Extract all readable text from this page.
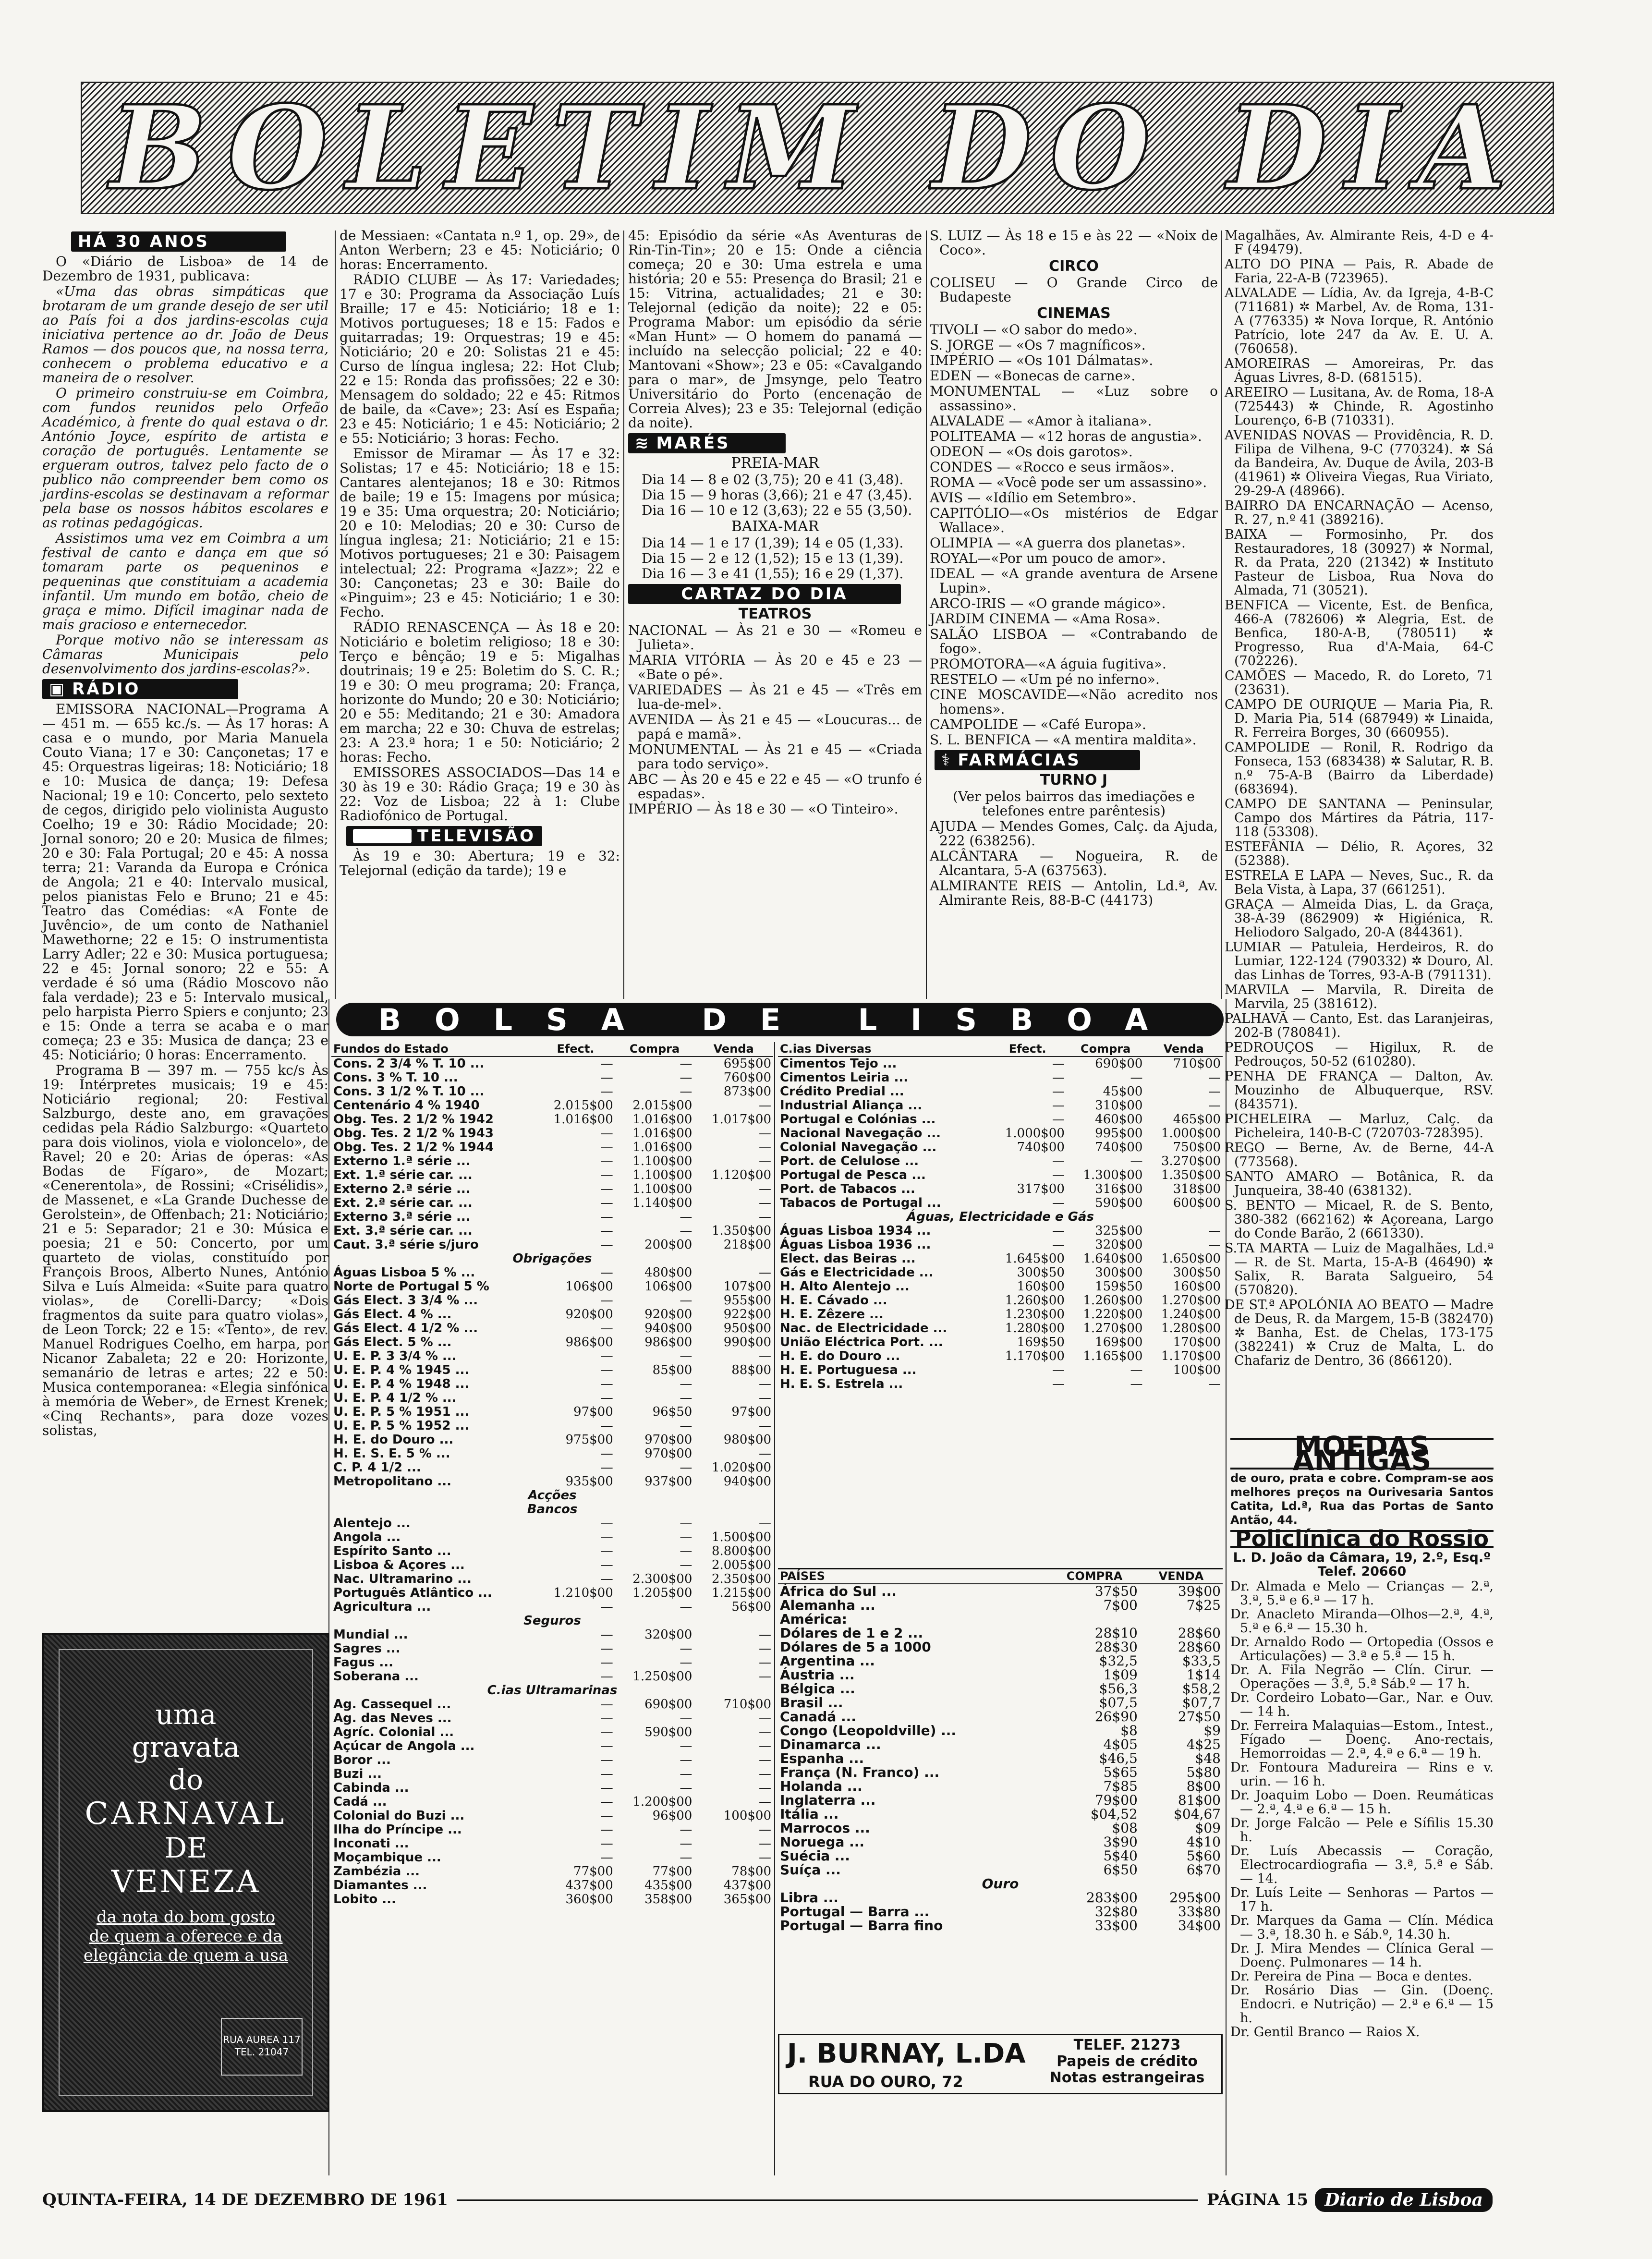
BOLETIM DO DIA
HÁ 30 ANOS

O «Diário de Lisboa» de 14 de Dezembro de 1931, publicava:

«Uma das obras simpáticas que brotaram de um grande desejo de ser util ao País foi a dos jardins-escolas cuja iniciativa pertence ao dr. João de Deus Ramos — dos poucos que, na nossa terra, conhecem o problema educativo e a maneira de o resolver.

O primeiro construiu-se em Coimbra, com fundos reunidos pelo Orfeão Académico, à frente do qual estava o dr. António Joyce, espírito de artista e coração de português. Lentamente se ergueram outros, talvez pelo facto de o publico não compreender bem como os jardins-escolas se destinavam a reformar pela base os nossos hábitos escolares e as rotinas pedagógicas.

Assistimos uma vez em Coimbra a um festival de canto e dança em que só tomaram parte os pequeninos e pequeninas que constituiam a academia infantil. Um mundo em botão, cheio de graça e mimo. Difícil imaginar nada de mais gracioso e enternecedor.

Porque motivo não se interessam as Câmaras Municipais pelo desenvolvimento dos jardins-escolas?».

▣ RÁDIO

EMISSORA NACIONAL—Programa A — 451 m. — 655 kc./s. — Às 17 horas: A casa e o mundo, por Maria Manuela Couto Viana; 17 e 30: Cançonetas; 17 e 45: Orquestras ligeiras; 18: Noticiário; 18 e 10: Musica de dança; 19: Defesa Nacional; 19 e 10: Concerto, pelo sexteto de cegos, dirigido pelo violinista Augusto Coelho; 19 e 30: Rádio Mocidade; 20: Jornal sonoro; 20 e 20: Musica de filmes; 20 e 30: Fala Portugal; 20 e 45: A nossa terra; 21: Varanda da Europa e Crónica de Angola; 21 e 40: Intervalo musical, pelos pianistas Felo e Bruno; 21 e 45: Teatro das Comédias: «A Fonte de Juvêncio», de um conto de Nathaniel Mawethorne; 22 e 15: O instrumentista Larry Adler; 22 e 30: Musica portuguesa; 22 e 45: Jornal sonoro; 22 e 55: A verdade é só uma (Rádio Moscovo não fala verdade); 23 e 5: Intervalo musical, pelo harpista Pierro Spiers e conjunto; 23 e 15: Onde a terra se acaba e o mar começa; 23 e 35: Musica de dança; 23 e 45: Noticiário; 0 horas: Encerramento.

Programa B — 397 m. — 755 kc/s Às 19: Intérpretes musicais; 19 e 45: Noticiário regional; 20: Festival Salzburgo, deste ano, em gravações cedidas pela Rádio Salzburgo: «Quarteto para dois violinos, viola e violoncelo», de Ravel; 20 e 20: Árias de óperas: «As Bodas de Fígaro», de Mozart; «Cenerentola», de Rossini; «Crisélidis», de Massenet, e «La Grande Duchesse de Gerolstein», de Offenbach; 21: Noticiário; 21 e 5: Separador; 21 e 30: Música e poesia; 21 e 50: Concerto, por um quarteto de violas, constituído por François Broos, Alberto Nunes, António Silva e Luís Almeida: «Suite para quatro violas», de Corelli-Darcy; «Dois fragmentos da suite para quatro violas», de Leon Torck; 22 e 15: «Tento», de rev. Manuel Rodrigues Coelho, em harpa, por Nicanor Zabaleta; 22 e 20: Horizonte, semanário de letras e artes; 22 e 50: Musica contemporanea: «Elegia sinfónica à memória de Weber», de Ernest Krenek; «Cinq Rechants», para doze vozes solistas,

uma
gravata
do
CARNAVAL
DE
VENEZA
da nota do bom gosto
de quem a oferece e da
elegância de quem a usa
RUA AUREA 117
TEL. 21047

de Messiaen: «Cantata n.º 1, op. 29», de Anton Werbern; 23 e 45: Noticiário; 0 horas: Encerramento.

RÁDIO CLUBE — Às 17: Variedades; 17 e 30: Programa da Associação Luís Braille; 17 e 45: Noticiário; 18 e 1: Motivos portugueses; 18 e 15: Fados e guitarradas; 19: Orquestras; 19 e 45: Noticiário; 20 e 20: Solistas 21 e 45: Curso de língua inglesa; 22: Hot Club; 22 e 15: Ronda das profissões; 22 e 30: Mensagem do soldado; 22 e 45: Ritmos de baile, da «Cave»; 23: Así es España; 23 e 45: Noticiário; 1 e 45: Noticiário; 2 e 55: Noticiário; 3 horas: Fecho.

Emissor de Miramar — Às 17 e 32: Solistas; 17 e 45: Noticiário; 18 e 15: Cantares alentejanos; 18 e 30: Ritmos de baile; 19 e 15: Imagens por música; 19 e 35: Uma orquestra; 20: Noticiário; 20 e 10: Melodias; 20 e 30: Curso de língua inglesa; 21: Noticiário; 21 e 15: Motivos portugueses; 21 e 30: Paisagem intelectual; 22: Programa «Jazz»; 22 e 30: Cançonetas; 23 e 30: Baile do «Pinguim»; 23 e 45: Noticiário; 1 e 30: Fecho.

RÁDIO RENASCENÇA — Às 18 e 20: Noticiário e boletim religioso; 18 e 30: Terço e bênção; 19 e 5: Migalhas doutrinais; 19 e 25: Boletim do S. C. R.; 19 e 30: O meu programa; 20: França, horizonte do Mundo; 20 e 30: Noticiário; 20 e 55: Meditando; 21 e 30: Amadora em marcha; 22 e 30: Chuva de estrelas; 23: A 23.ª hora; 1 e 50: Noticiário; 2 horas: Fecho.

EMISSORES ASSOCIADOS—Das 14 e 30 às 19 e 30: Rádio Graça; 19 e 30 às 22: Voz de Lisboa; 22 à 1: Clube Radiofónico de Portugal.

TELEVISÃO

Às 19 e 30: Abertura; 19 e 32: Telejornal (edição da tarde); 19 e

45: Episódio da série «As Aventuras de Rin-Tin-Tin»; 20 e 15: Onde a ciência começa; 20 e 30: Uma estrela e uma história; 20 e 55: Presença do Brasil; 21 e 15: Vitrina, actualidades; 21 e 30: Telejornal (edição da noite); 22 e 05: Programa Mabor: um episódio da série «Man Hunt» — O homem do panamá — incluído na selecção policial; 22 e 40: Mantovani «Show»; 23 e 05: «Cavalgando para o mar», de Jmsynge, pelo Teatro Universitário do Porto (encenação de Correia Alves); 23 e 35: Telejornal (edição da noite).

≋ MARÉS
PREIA-MAR

Dia 14 — 8 e 02 (3,75); 20 e 41 (3,48).

Dia 15 — 9 horas (3,66); 21 e 47 (3,45).

Dia 16 — 10 e 12 (3,63); 22 e 55 (3,50).

BAIXA-MAR

Dia 14 — 1 e 17 (1,39); 14 e 05 (1,33).

Dia 15 — 2 e 12 (1,52); 15 e 13 (1,39).

Dia 16 — 3 e 41 (1,55); 16 e 29 (1,37).

CARTAZ DO DIA
TEATROS

NACIONAL — Às 21 e 30 — «Romeu e Julieta».

MARIA VITÓRIA — Às 20 e 45 e 23 — «Bate o pé».

VARIEDADES — Às 21 e 45 — «Três em lua-de-mel».

AVENIDA — Às 21 e 45 — «Loucuras... de papá e mamã».

MONUMENTAL — Às 21 e 45 — «Criada para todo serviço».

ABC — Às 20 e 45 e 22 e 45 — «O trunfo é espadas».

IMPÉRIO — Às 18 e 30 — «O Tinteiro».

S. LUIZ — Às 18 e 15 e às 22 — «Noix de Coco».

CIRCO

COLISEU — O Grande Circo de Budapeste

CINEMAS

TIVOLI — «O sabor do medo».

S. JORGE — «Os 7 magníficos».

IMPÉRIO — «Os 101 Dálmatas».

EDEN — «Bonecas de carne».

MONUMENTAL — «Luz sobre o assassino».

ALVALADE — «Amor à italiana».

POLITEAMA — «12 horas de angustia».

ODEON — «Os dois garotos».

CONDES — «Rocco e seus irmãos».

ROMA — «Você pode ser um assassino».

AVIS — «Idílio em Setembro».

CAPITÓLIO—«Os mistérios de Edgar Wallace».

OLIMPIA — «A guerra dos planetas».

ROYAL—«Por um pouco de amor».

IDEAL — «A grande aventura de Arsene Lupin».

ARCO-IRIS — «O grande mágico».

JARDIM CINEMA — «Ama Rosa».

SALÃO LISBOA — «Contrabando de fogo».

PROMOTORA—«A águia fugitiva».

RESTELO — «Um pé no inferno».

CINE MOSCAVIDE—«Não acredito nos homens».

CAMPOLIDE — «Café Europa».

S. L. BENFICA — «A mentira maldita».

⚕ FARMÁCIAS
TURNO J

(Ver pelos bairros das imediações e telefones entre parêntesis)

AJUDA — Mendes Gomes, Calç. da Ajuda, 222 (638256).

ALCÂNTARA — Nogueira, R. de Alcantara, 5-A (637563).

ALMIRANTE REIS — Antolin, Ld.ª, Av. Almirante Reis, 88-B-C (44173)

Magalhães, Av. Almirante Reis, 4-D e 4-F (49479).

ALTO DO PINA — Pais, R. Abade de Faria, 22-A-B (723965).

ALVALADE — Lídia, Av. da Igreja, 4-B-C (711681) ✲ Marbel, Av. de Roma, 131-A (776335) ✲ Nova Iorque, R. António Patrício, lote 247 da Av. E. U. A. (760658).

AMOREIRAS — Amoreiras, Pr. das Águas Livres, 8-D. (681515).

AREEIRO — Lusitana, Av. de Roma, 18-A (725443) ✲ Chinde, R. Agostinho Lourenço, 6-B (710331).

AVENIDAS NOVAS — Providência, R. D. Filipa de Vilhena, 9-C (770324). ✲ Sá da Bandeira, Av. Duque de Ávila, 203-B (41961) ✲ Oliveira Viegas, Rua Viriato, 29-29-A (48966).

BAIRRO DA ENCARNAÇÃO — Acenso, R. 27, n.º 41 (389216).

BAIXA — Formosinho, Pr. dos Restauradores, 18 (30927) ✲ Normal, R. da Prata, 220 (21342) ✲ Instituto Pasteur de Lisboa, Rua Nova do Almada, 71 (30521).

BENFICA — Vicente, Est. de Benfica, 466-A (782606) ✲ Alegria, Est. de Benfica, 180-A-B, (780511) ✲ Progresso, Rua d'A-Maia, 64-C (702226).

CAMÕES — Macedo, R. do Loreto, 71 (23631).

CAMPO DE OURIQUE — Maria Pia, R. D. Maria Pia, 514 (687949) ✲ Linaida, R. Ferreira Borges, 30 (660955).

CAMPOLIDE — Ronil, R. Rodrigo da Fonseca, 153 (683438) ✲ Salutar, R. B. n.º 75-A-B (Bairro da Liberdade) (683694).

CAMPO DE SANTANA — Peninsular, Campo dos Mártires da Pátria, 117-118 (53308).

ESTEFÂNIA — Délio, R. Açores, 32 (52388).

ESTRELA E LAPA — Neves, Suc., R. da Bela Vista, à Lapa, 37 (661251).

GRAÇA — Almeida Dias, L. da Graça, 38-A-39 (862909) ✲ Higiénica, R. Heliodoro Salgado, 20-A (844361).

LUMIAR — Patuleia, Herdeiros, R. do Lumiar, 122-124 (790332) ✲ Douro, Al. das Linhas de Torres, 93-A-B (791131).

MARVILA — Marvila, R. Direita de Marvila, 25 (381612).

PALHAVÃ — Canto, Est. das Laranjeiras, 202-B (780841).

PEDROUÇOS — Higilux, R. de Pedrouços, 50-52 (610280).

PENHA DE FRANÇA — Dalton, Av. Mouzinho de Albuquerque, RSV. (843571).

PICHELEIRA — Marluz, Calç. da Picheleira, 140-B-C (720703-728395).

REGO — Berne, Av. de Berne, 44-A (773568).

SANTO AMARO — Botânica, R. da Junqueira, 38-40 (638132).

S. BENTO — Micael, R. de S. Bento, 380-382 (662162) ✲ Açoreana, Largo do Conde Barão, 2 (661330).

S.TA MARTA — Luiz de Magalhães, Ld.ª — R. de St. Marta, 15-A-B (46490) ✲ Salix, R. Barata Salgueiro, 54 (570820).

DE ST.ª APOLÓNIA AO BEATO — Madre de Deus, R. da Margem, 15-B (382470) ✲ Banha, Est. de Chelas, 173-175 (382241) ✲ Cruz de Malta, L. do Chafariz de Dentro, 36 (866120).

MOEDAS ANTIGAS

de ouro, prata e cobre. Compram-se aos melhores preços na Ourivesaria Santos Catita, Ld.ª, Rua das Portas de Santo Antão, 44.

Policlínica do Rossio

L. D. João da Câmara, 19, 2.º, Esq.º Telef. 20660

Dr. Almada e Melo — Crianças — 2.ª, 3.ª, 5.ª e 6.ª — 17 h.

Dr. Anacleto Miranda—Olhos—2.ª, 4.ª, 5.ª e 6.ª — 15.30 h.

Dr. Arnaldo Rodo — Ortopedia (Ossos e Articulações) — 3.ª e 5.ª — 15 h.

Dr. A. Fila Negrão — Clín. Cirur. — Operações — 3.ª, 5.ª Sáb.º — 17 h.

Dr. Cordeiro Lobato—Gar., Nar. e Ouv. — 14 h.

Dr. Ferreira Malaquias—Estom., Intest., Fígado — Doenç. Ano-rectais, Hemorroidas — 2.ª, 4.ª e 6.ª — 19 h.

Dr. Fontoura Madureira — Rins e v. urin. — 16 h.

Dr. Joaquim Lobo — Doen. Reumáticas — 2.ª, 4.ª e 6.ª — 15 h.

Dr. Jorge Falcão — Pele e Sífilis 15.30 h.

Dr. Luís Abecassis — Coração, Electrocardiografia — 3.ª, 5.ª e Sáb. — 14.

Dr. Luís Leite — Senhoras — Partos — 17 h.

Dr. Marques da Gama — Clín. Médica — 3.ª, 18.30 h. e Sáb.º, 14.30 h.

Dr. J. Mira Mendes — Clínica Geral — Doenç. Pulmonares — 14 h.

Dr. Pereira de Pina — Boca e dentes.

Dr. Rosário Dias — Gin. (Doenç. Endocri. e Nutrição) — 2.ª e 6.ª — 15 h.

Dr. Gentil Branco — Raios X.

BOLSA DE LISBOA
Fundos do Estado	Efect.	Compra	Venda
Cons. 2 3/4 % T. 10 ...	—	—	695$00
Cons. 3 % T. 10 ...	—	—	760$00
Cons. 3 1/2 % T. 10 ...	—	—	873$00
Centenário 4 % 1940	2.015$00	2.015$00	—
Obg. Tes. 2 1/2 % 1942	1.016$00	1.016$00	1.017$00
Obg. Tes. 2 1/2 % 1943	—	1.016$00	—
Obg. Tes. 2 1/2 % 1944	—	1.016$00	—
Externo 1.ª série ...	—	1.100$00	—
Ext. 1.ª série car. ...	—	1.100$00	1.120$00
Externo 2.ª série ...	—	1.100$00	—
Ext. 2.ª série car. ...	—	1.140$00	—
Externo 3.ª série ...	—	—	—
Ext. 3.ª série car. ...	—	—	1.350$00
Caut. 3.ª série s/juro	—	200$00	218$00
Obrigações			
Águas Lisboa 5 % ...	—	480$00	—
Norte de Portugal 5 %	106$00	106$00	107$00
Gás Elect. 3 3/4 % ...	—	—	955$00
Gás Elect. 4 % ...	920$00	920$00	922$00
Gás Elect. 4 1/2 % ...	—	940$00	950$00
Gás Elect. 5 % ...	986$00	986$00	990$00
U. E. P. 3 3/4 % ...	—	—	—
U. E. P. 4 % 1945 ...	—	85$00	88$00
U. E. P. 4 % 1948 ...	—	—	—
U. E. P. 4 1/2 % ...	—	—	—
U. E. P. 5 % 1951 ...	97$00	96$50	97$00
U. E. P. 5 % 1952 ...	—	—	—
H. E. do Douro ...	975$00	970$00	980$00
H. E. S. E. 5 % ...	—	970$00	—
C. P. 4 1/2 ...	—	—	1.020$00
Metropolitano ...	935$00	937$00	940$00
Acções			
Bancos			
Alentejo ...	—	—	—
Angola ...	—	—	1.500$00
Espírito Santo ...	—	—	8.800$00
Lisboa & Açores ...	—	—	2.005$00
Nac. Ultramarino ...	—	2.300$00	2.350$00
Português Atlântico ...	1.210$00	1.205$00	1.215$00
Agricultura ...	—	—	56$00
Seguros			
Mundial ...	—	320$00	—
Sagres ...	—	—	—
Fagus ...	—	—	—
Soberana ...	—	1.250$00	—
C.ias Ultramarinas			
Ag. Cassequel ...	—	690$00	710$00
Ag. das Neves ...	—	—	—
Agríc. Colonial ...	—	590$00	—
Açúcar de Angola ...	—	—	—
Boror ...	—	—	—
Buzi ...	—	—	—
Cabinda ...	—	—	—
Cadá ...	—	1.200$00	—
Colonial do Buzi ...	—	96$00	100$00
Ilha do Príncipe ...	—	—	—
Inconati ...	—	—	—
Moçambique ...	—	—	—
Zambézia ...	77$00	77$00	78$00
Diamantes ...	437$00	435$00	437$00
Lobito ...	360$00	358$00	365$00
C.ias Diversas	Efect.	Compra	Venda
Cimentos Tejo ...	—	690$00	710$00
Cimentos Leiria ...	—	—	—
Crédito Predial ...	—	45$00	—
Industrial Aliança ...	—	310$00	—
Portugal e Colónias ...	—	460$00	465$00
Nacional Navegação ...	1.000$00	995$00	1.000$00
Colonial Navegação ...	740$00	740$00	750$00
Port. de Celulose ...	—	—	3.270$00
Portugal de Pesca ...	—	1.300$00	1.350$00
Port. de Tabacos ...	317$00	316$00	318$00
Tabacos de Portugal ...	—	590$00	600$00
Águas, Electricidade e Gás			
Águas Lisboa 1934 ...	—	325$00	—
Águas Lisboa 1936 ...	—	320$00	—
Elect. das Beiras ...	1.645$00	1.640$00	1.650$00
Gás e Electricidade ...	300$50	300$00	300$50
H. Alto Alentejo ...	160$00	159$50	160$00
H. E. Cávado ...	1.260$00	1.260$00	1.270$00
H. E. Zêzere ...	1.230$00	1.220$00	1.240$00
Nac. de Electricidade ...	1.280$00	1.270$00	1.280$00
União Eléctrica Port. ...	169$50	169$00	170$00
H. E. do Douro ...	1.170$00	1.165$00	1.170$00
H. E. Portuguesa ...	—	—	100$00
H. E. S. Estrela ...	—	—	—
PAÍSES	COMPRA	VENDA
África do Sul ...	37$50	39$00
Alemanha ...	7$00	7$25
América:		
Dólares de 1 e 2 ...	28$10	28$60
Dólares de 5 a 1000	28$30	28$60
Argentina ...	$32,5	$33,5
Áustria ...	1$09	1$14
Bélgica ...	$56,3	$58,2
Brasil ...	$07,5	$07,7
Canadá ...	26$90	27$50
Congo (Leopoldville) ...	$8	$9
Dinamarca ...	4$05	4$25
Espanha ...	$46,5	$48
França (N. Franco) ...	5$65	5$80
Holanda ...	7$85	8$00
Inglaterra ...	79$00	81$00
Itália ...	$04,52	$04,67
Marrocos ...	$08	$09
Noruega ...	3$90	4$10
Suécia ...	5$40	5$60
Suíça ...	6$50	6$70
Ouro		
Libra ...	283$00	295$00
Portugal — Barra ...	32$80	33$80
Portugal — Barra fino	33$00	34$00
J. BURNAY, L.DA
RUA DO OURO, 72
TELEF. 21273
Papeis de crédito
Notas estrangeiras
QUINTA-FEIRA, 14 DE DEZEMBRO DE 1961	PÁGINA 15 Diario de Lisboa
